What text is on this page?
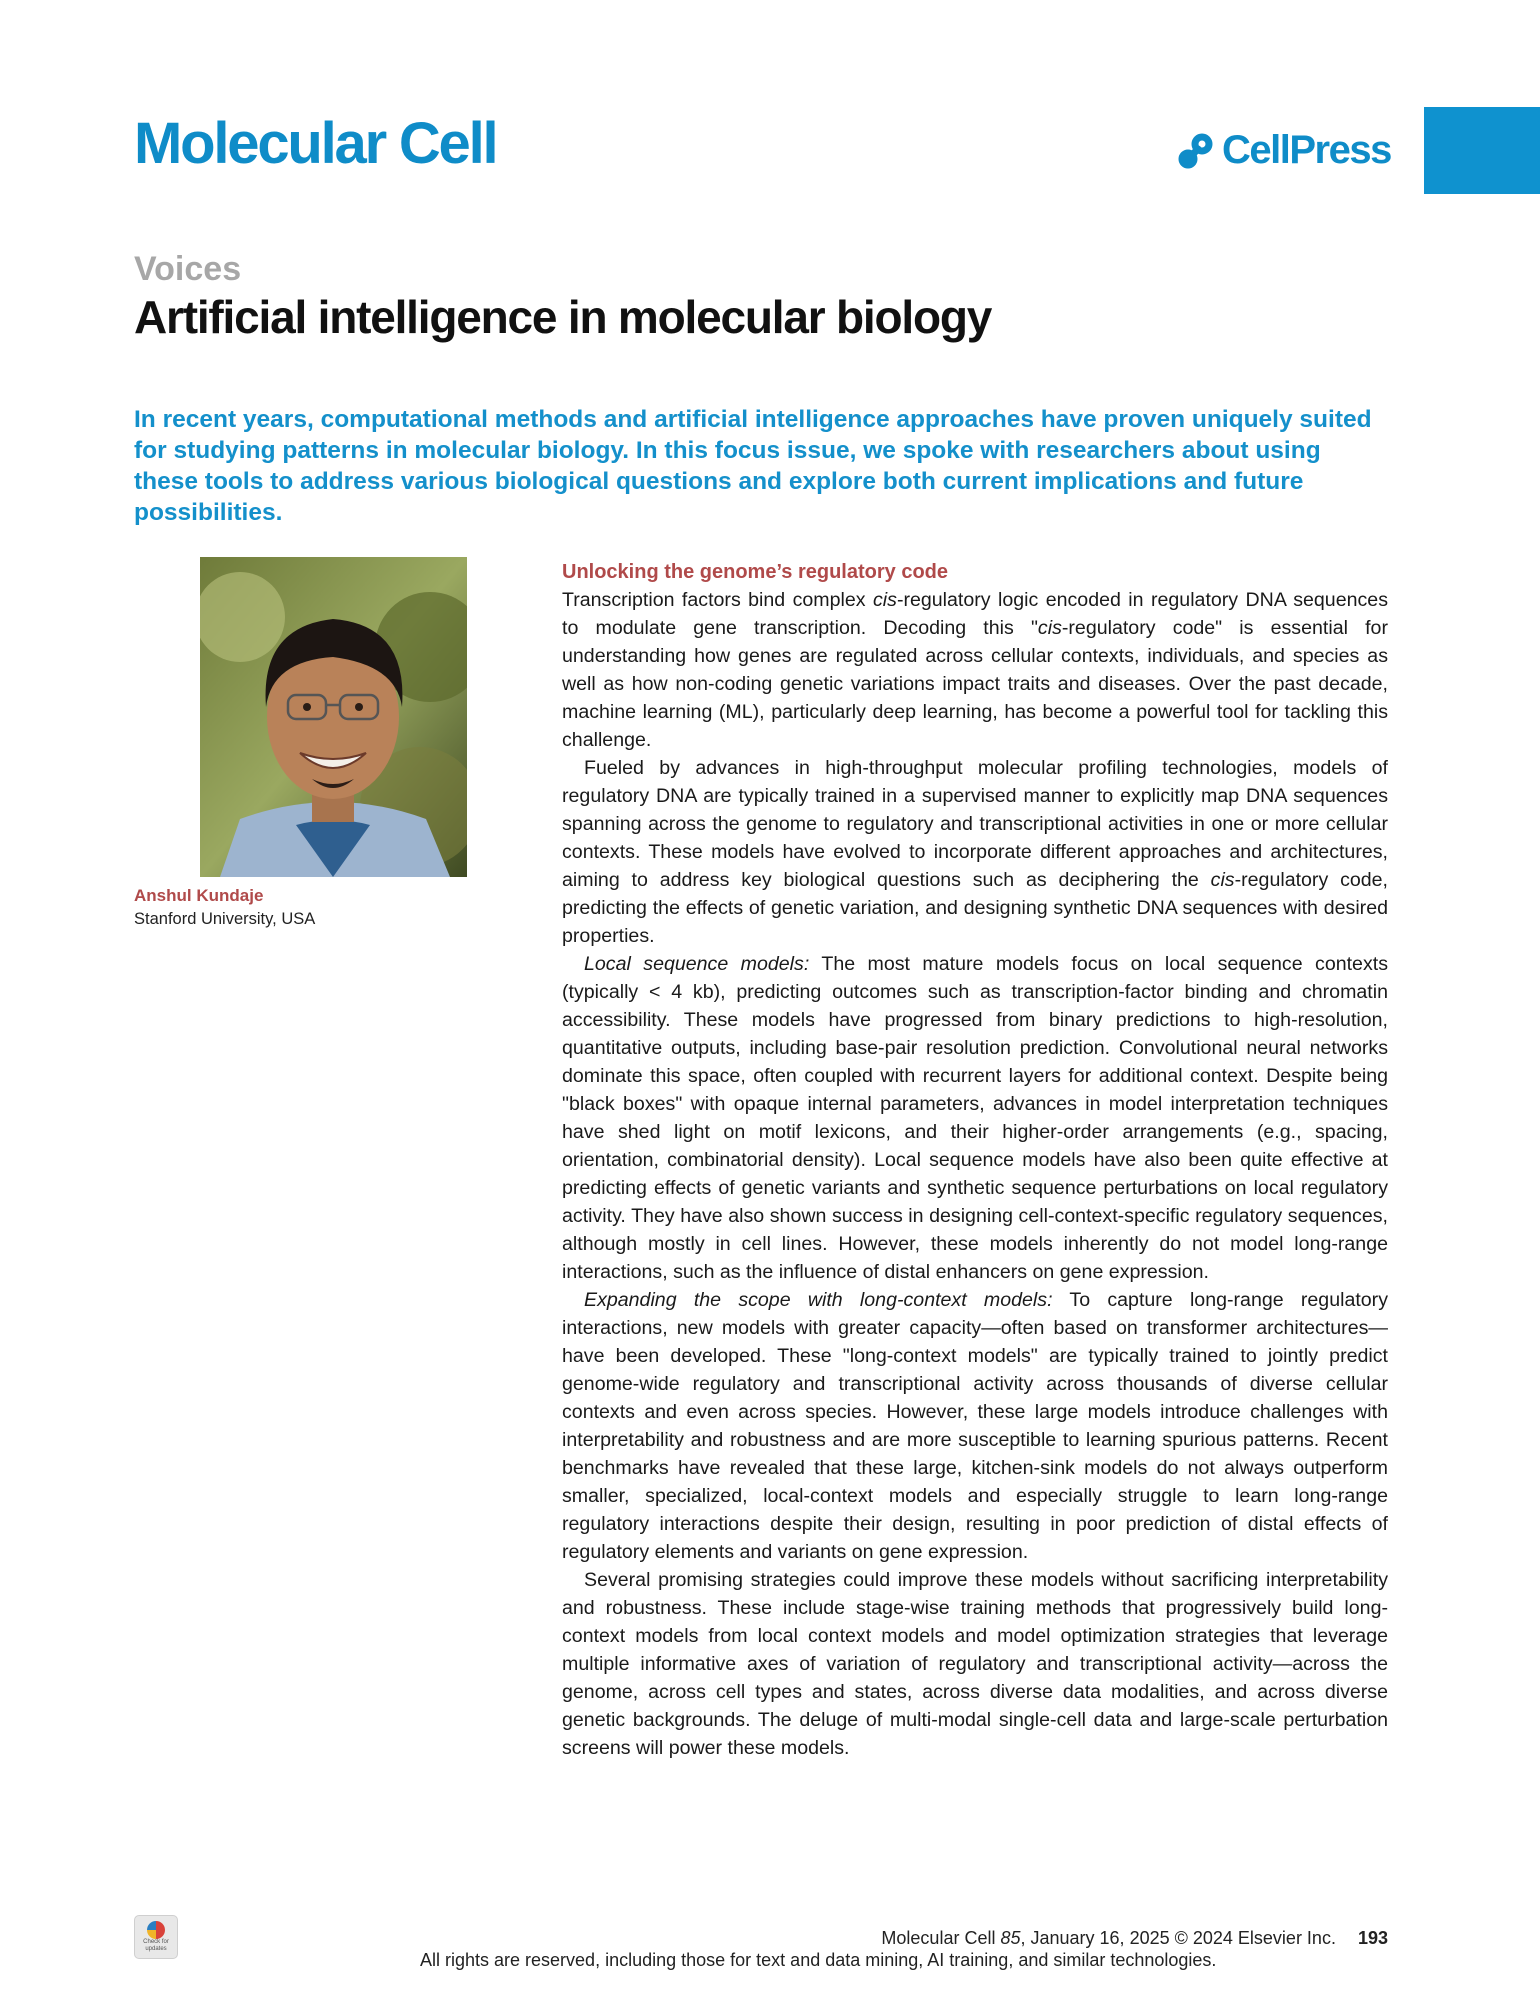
Molecular Cell	CellPress
Voices
Artificial intelligence in molecular biology
In recent years, computational methods and artificial intelligence approaches have proven uniquely suited for studying patterns in molecular biology. In this focus issue, we spoke with researchers about using these tools to address various biological questions and explore both current implications and future possibilities.
Anshul Kundaje
Stanford University, USA
Unlocking the genome’s regulatory code

Transcription factors bind complex cis-regulatory logic encoded in regulatory DNA sequences to modulate gene transcription. Decoding this "cis-regulatory code" is essential for understanding how genes are regulated across cellular contexts, individuals, and species as well as how non-coding genetic variations impact traits and diseases. Over the past decade, machine learning (ML), particularly deep learning, has become a powerful tool for tackling this challenge.

Fueled by advances in high-throughput molecular profiling technologies, models of regulatory DNA are typically trained in a supervised manner to explicitly map DNA sequences spanning across the genome to regulatory and transcriptional activities in one or more cellular contexts. These models have evolved to incorporate different approaches and architectures, aiming to address key biological questions such as deciphering the cis-regulatory code, predicting the effects of genetic variation, and designing synthetic DNA sequences with desired properties.

Local sequence models: The most mature models focus on local sequence contexts (typically < 4 kb), predicting outcomes such as transcription-factor binding and chromatin accessibility. These models have progressed from binary predictions to high-resolution, quantitative outputs, including base-pair resolution prediction. Convolutional neural networks dominate this space, often coupled with recurrent layers for additional context. Despite being "black boxes" with opaque internal parameters, advances in model interpretation techniques have shed light on motif lexicons, and their higher-order arrangements (e.g., spacing, orientation, combinatorial density). Local sequence models have also been quite effective at predicting effects of genetic variants and synthetic sequence perturbations on local regulatory activity. They have also shown success in designing cell-context-specific regulatory sequences, although mostly in cell lines. However, these models inherently do not model long-range interactions, such as the influence of distal enhancers on gene expression.

Expanding the scope with long-context models: To capture long-range regulatory interactions, new models with greater capacity—often based on transformer architectures—have been developed. These "long-context models" are typically trained to jointly predict genome-wide regulatory and transcriptional activity across thousands of diverse cellular contexts and even across species. However, these large models introduce challenges with interpretability and robustness and are more susceptible to learning spurious patterns. Recent benchmarks have revealed that these large, kitchen-sink models do not always outperform smaller, specialized, local-context models and especially struggle to learn long-range regulatory interactions despite their design, resulting in poor prediction of distal effects of regulatory elements and variants on gene expression.

Several promising strategies could improve these models without sacrificing interpretability and robustness. These include stage-wise training methods that progressively build long-context models from local context models and model optimization strategies that leverage multiple informative axes of variation of regulatory and transcriptional activity—across the genome, across cell types and states, across diverse data modalities, and across diverse genetic backgrounds. The deluge of multi-modal single-cell data and large-scale perturbation screens will power these models.

Check for updates
Molecular Cell 85, January 16, 2025 © 2024 Elsevier Inc. 193
All rights are reserved, including those for text and data mining, AI training, and similar technologies.
